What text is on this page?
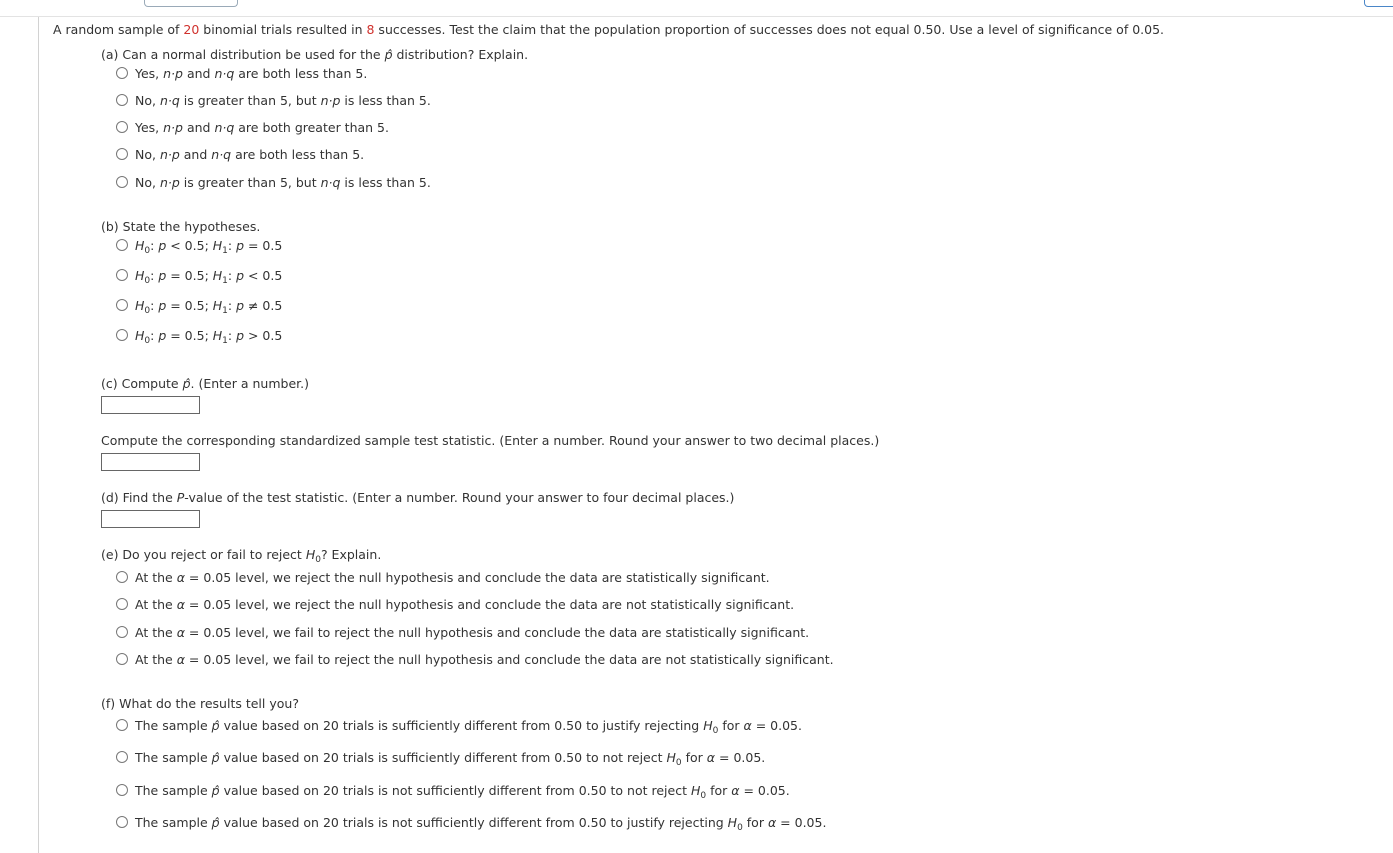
A random sample of 20 binomial trials resulted in 8 successes. Test the claim that the population proportion of successes does not equal 0.50. Use a level of significance of 0.05.
(a) Can a normal distribution be used for the p̂ distribution? Explain.
Yes, n·p and n·q are both less than 5.
No, n·q is greater than 5, but n·p is less than 5.
Yes, n·p and n·q are both greater than 5.
No, n·p and n·q are both less than 5.
No, n·p is greater than 5, but n·q is less than 5.
(b) State the hypotheses.
$H_0$: p < 0.5; $H_1$: p = 0.5
$H_0$: p = 0.5; $H_1$: p < 0.5
$H_0$: p = 0.5; $H_1$: p ≠ 0.5
$H_0$: p = 0.5; $H_1$: p > 0.5
(c) Compute p̂. (Enter a number.)
Compute the corresponding standardized sample test statistic. (Enter a number. Round your answer to two decimal places.)
(d) Find the P-value of the test statistic. (Enter a number. Round your answer to four decimal places.)
(e) Do you reject or fail to reject $H_0$? Explain.
At the α = 0.05 level, we reject the null hypothesis and conclude the data are statistically significant.
At the α = 0.05 level, we reject the null hypothesis and conclude the data are not statistically significant.
At the α = 0.05 level, we fail to reject the null hypothesis and conclude the data are statistically significant.
At the α = 0.05 level, we fail to reject the null hypothesis and conclude the data are not statistically significant.
(f) What do the results tell you?
The sample p̂ value based on 20 trials is sufficiently different from 0.50 to justify rejecting $H_0$ for α = 0.05.
The sample p̂ value based on 20 trials is sufficiently different from 0.50 to not reject $H_0$ for α = 0.05.
The sample p̂ value based on 20 trials is not sufficiently different from 0.50 to not reject $H_0$ for α = 0.05.
The sample p̂ value based on 20 trials is not sufficiently different from 0.50 to justify rejecting $H_0$ for α = 0.05.
